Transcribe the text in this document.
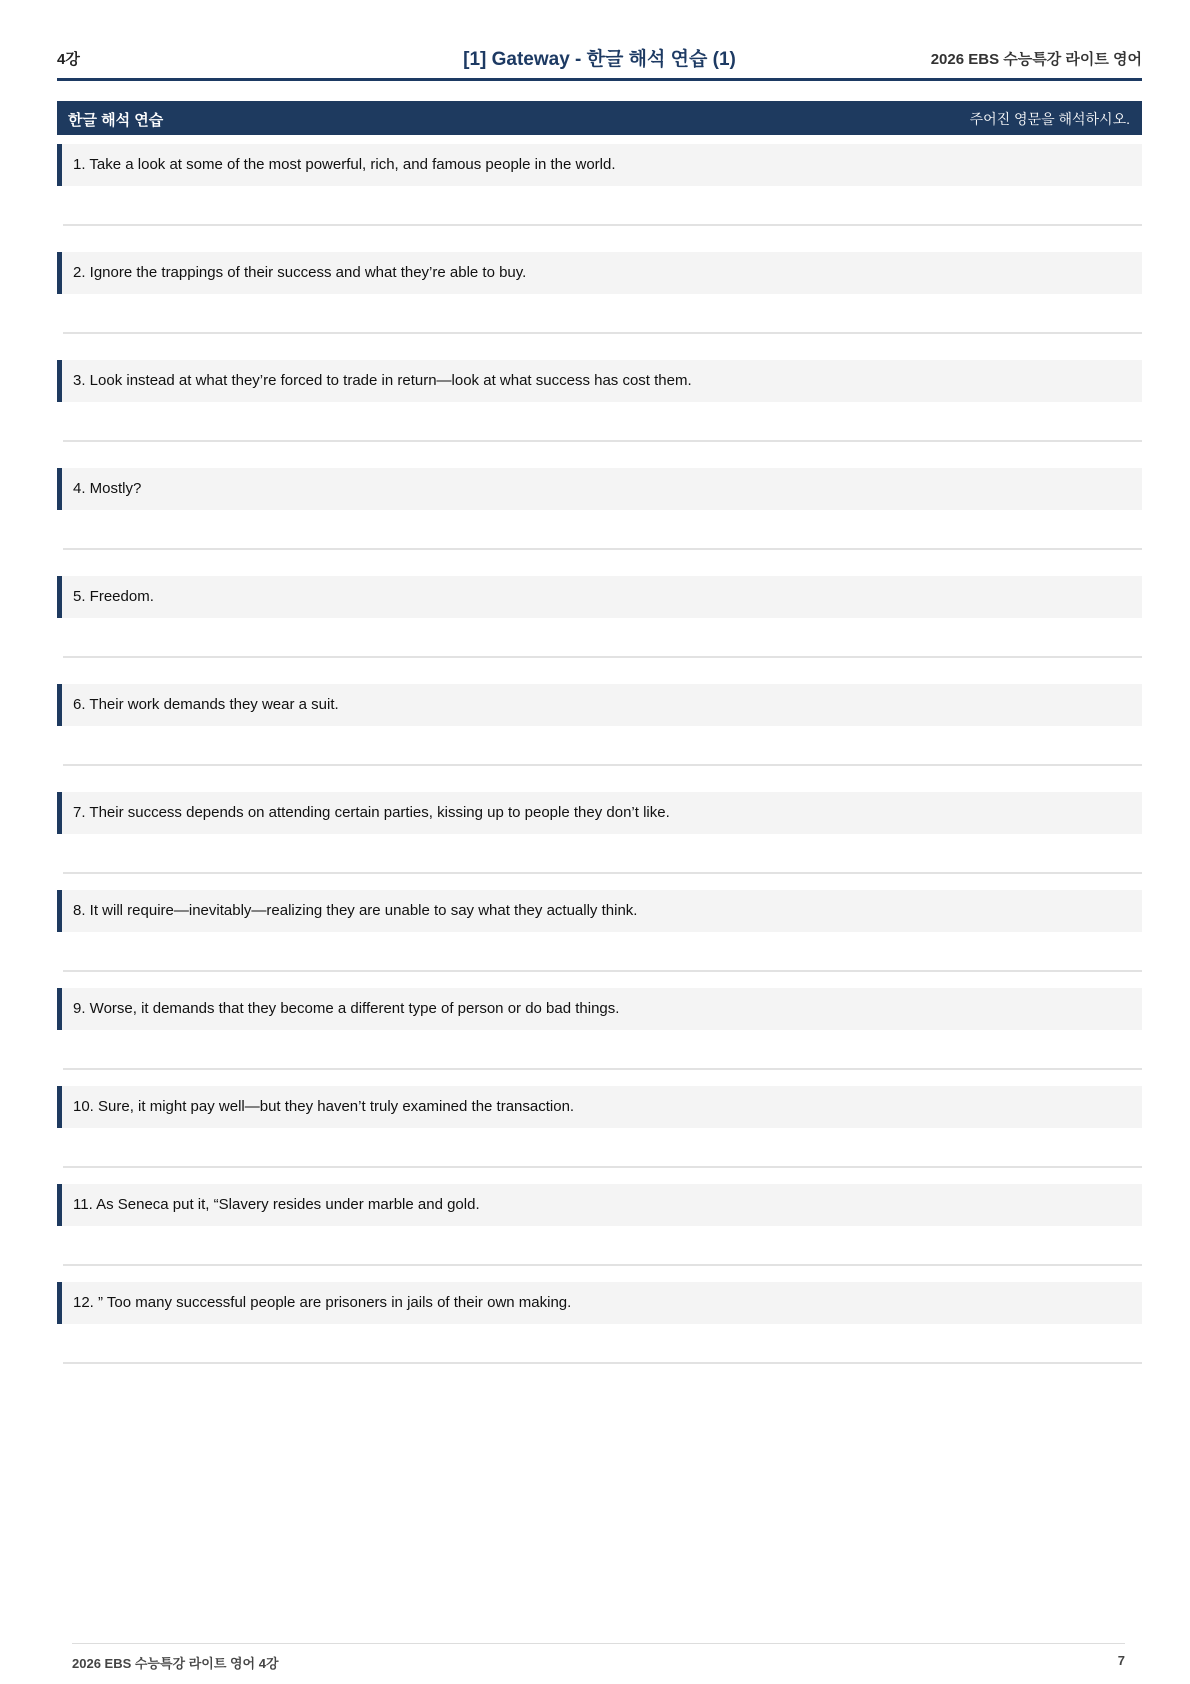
4강	[1] Gateway - 한글 해석 연습 (1)	2026 EBS 수능특강 라이트 영어
한글 해석 연습	주어진 영문을 해석하시오.
1. Take a look at some of the most powerful, rich, and famous people in the world.
2. Ignore the trappings of their success and what they’re able to buy.
3. Look instead at what they’re forced to trade in return—look at what success has cost them.
4. Mostly?
5. Freedom.
6. Their work demands they wear a suit.
7. Their success depends on attending certain parties, kissing up to people they don’t like.
8. It will require—inevitably—realizing they are unable to say what they actually think.
9. Worse, it demands that they become a different type of person or do bad things.
10. Sure, it might pay well—but they haven’t truly examined the transaction.
11. As Seneca put it, “Slavery resides under marble and gold.
12. ” Too many successful people are prisoners in jails of their own making.
2026 EBS 수능특강 라이트 영어 4강	7
